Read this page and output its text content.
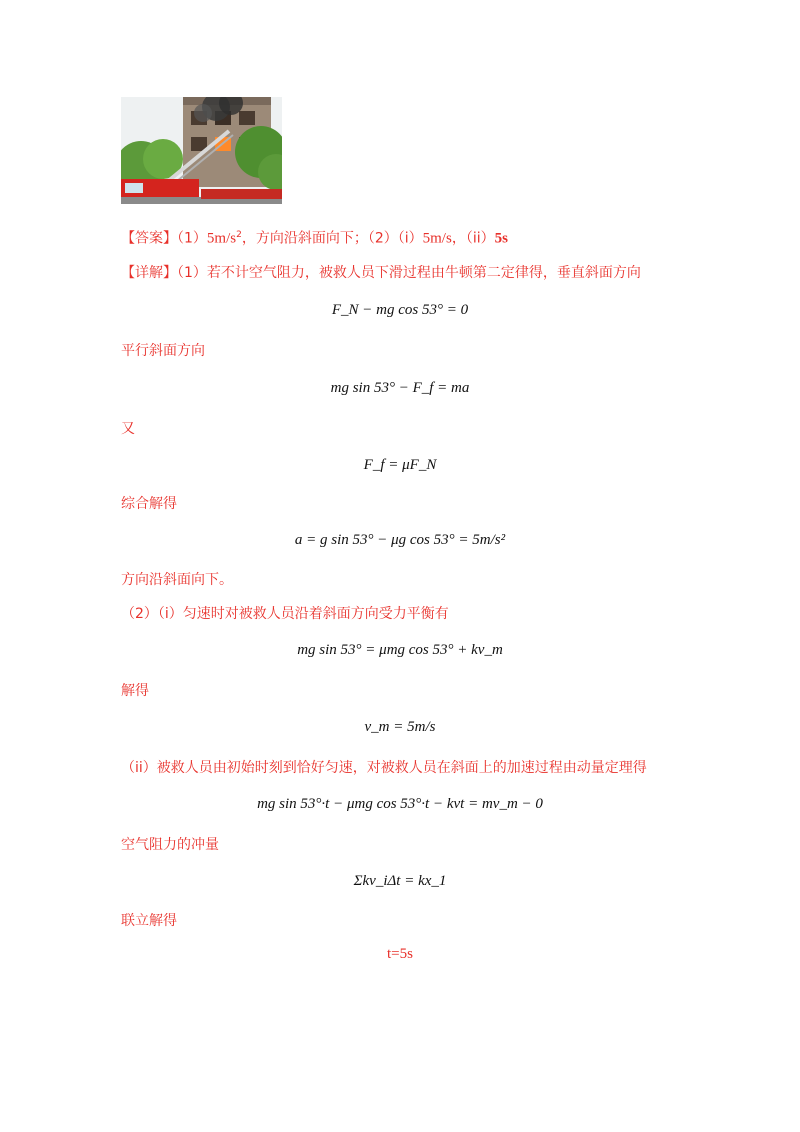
【答案】$(1)5m/s^2$，方向沿斜面向下；（2）（i）5m/s，（ii）5s
【详解】（1）若不计空气阻力，被救人员下滑过程由牛顿第二定律得，垂直斜面方向
F_N − mg cos 53° = 0
平行斜面方向
mg sin 53° − F_f = ma
又
F_f = μF_N
综合解得
a = g sin 53° − μg cos 53° = 5m/s²
方向沿斜面向下。
（2）（i）匀速时对被救人员沿着斜面方向受力平衡有
mg sin 53° = μmg cos 53° + kv_m
解得
v_m = 5m/s
（ii）被救人员由初始时刻到恰好匀速，对被救人员在斜面上的加速过程由动量定理得
mg sin 53°·t − μmg cos 53°·t − kvt = mv_m − 0
空气阻力的冲量
Σkv_iΔt = kx_1
联立解得
t=5s
